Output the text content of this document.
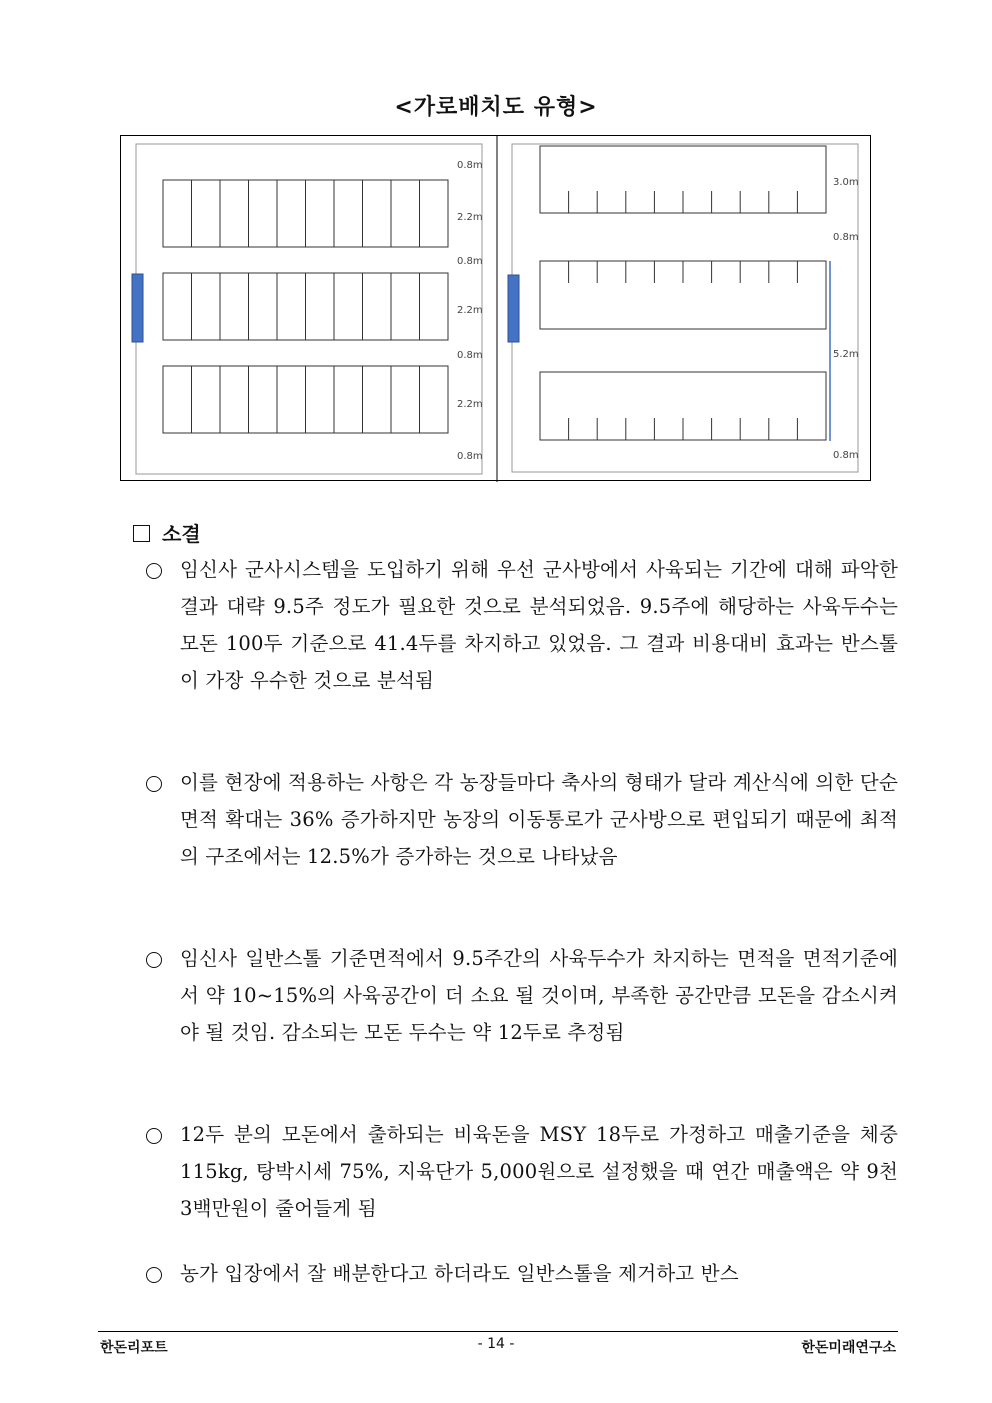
<가로배치도 유형>
0.8m
2.2m
0.8m
2.2m
0.8m
2.2m
0.8m
3.0m
0.8m
5.2m
0.8m
소결
임신사 군사시스템을 도입하기 위해 우선 군사방에서 사육되는 기간에 대해 파악한 결과 대략 9.5주 정도가 필요한 것으로 분석되었음. 9.5주에 해당하는 사육두수는 모돈 100두 기준으로 41.4두를 차지하고 있었음. 그 결과 비용대비 효과는 반스톨이 가장 우수한 것으로 분석됨
이를 현장에 적용하는 사항은 각 농장들마다 축사의 형태가 달라 계산식에 의한 단순 면적 확대는 36% 증가하지만 농장의 이동통로가 군사방으로 편입되기 때문에 최적의 구조에서는 12.5%가 증가하는 것으로 나타났음
임신사 일반스톨 기준면적에서 9.5주간의 사육두수가 차지하는 면적을 면적기준에서 약 10~15%의 사육공간이 더 소요 될 것이며, 부족한 공간만큼 모돈을 감소시켜야 될 것임. 감소되는 모돈 두수는 약 12두로 추정됨
12두 분의 모돈에서 출하되는 비육돈을 MSY 18두로 가정하고 매출기준을 체중 115kg, 탕박시세 75%, 지육단가 5,000원으로 설정했을 때 연간 매출액은 약 9천3백만원이 줄어들게 됨
농가 입장에서 잘 배분한다고 하더라도 일반스톨을 제거하고 반스
한돈리포트	- 14 -	한돈미래연구소
